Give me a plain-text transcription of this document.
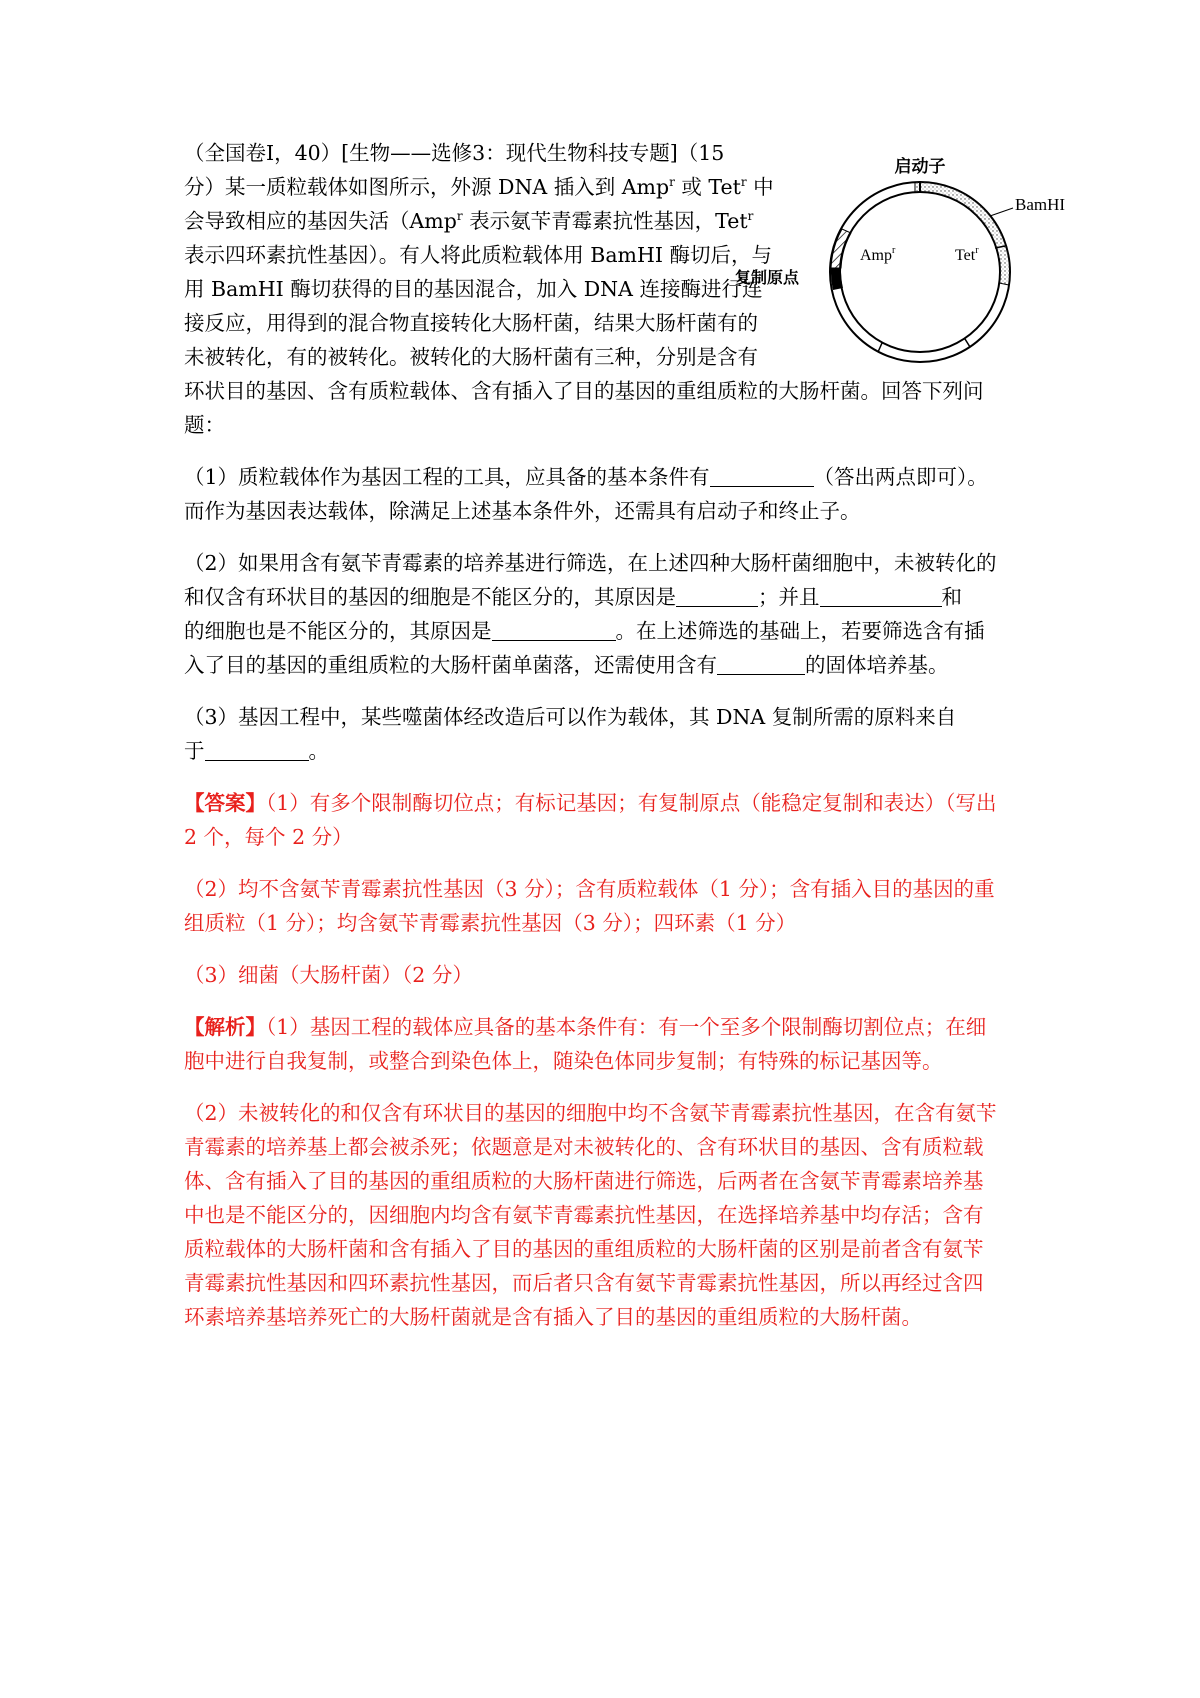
（全国卷Ⅰ，40）[生物——选修3：现代生物科技专题]（15
分）某一质粒载体如图所示，外源 DNA 插入到 Amp$^r$ 或 Tet$^r$ 中
会导致相应的基因失活（Amp$^r$ 表示氨苄青霉素抗性基因，Tet$^r$
表示四环素抗性基因）。有人将此质粒载体用 BamHI 酶切后，与
用 BamHI 酶切获得的目的基因混合，加入 DNA 连接酶进行连
接反应，用得到的混合物直接转化大肠杆菌，结果大肠杆菌有的
未被转化，有的被转化。被转化的大肠杆菌有三种，分别是含有
环状目的基因、含有质粒载体、含有插入了目的基因的重组质粒的大肠杆菌。回答下列问
题：
（1）质粒载体作为基因工程的工具，应具备的基本条件有	（答出两点即可）。
而作为基因表达载体，除满足上述基本条件外，还需具有启动子和终止子。
（2）如果用含有氨苄青霉素的培养基进行筛选，在上述四种大肠杆菌细胞中，未被转化的
和仅含有环状目的基因的细胞是不能区分的，其原因是	；并且	和
的细胞也是不能区分的，其原因是	。在上述筛选的基础上，若要筛选含有插
入了目的基因的重组质粒的大肠杆菌单菌落，还需使用含有	的固体培养基。
（3）基因工程中，某些噬菌体经改造后可以作为载体，其 DNA 复制所需的原料来自
于	。
【答案】（1）有多个限制酶切位点；有标记基因；有复制原点（能稳定复制和表达）（写出
2 个，每个 2 分）
（2）均不含氨苄青霉素抗性基因（3 分）；含有质粒载体（1 分）；含有插入目的基因的重
组质粒（1 分）；均含氨苄青霉素抗性基因（3 分）；四环素（1 分）
（3）细菌（大肠杆菌）（2 分）
【解析】（1）基因工程的载体应具备的基本条件有：有一个至多个限制酶切割位点；在细
胞中进行自我复制，或整合到染色体上，随染色体同步复制；有特殊的标记基因等。
（2）未被转化的和仅含有环状目的基因的细胞中均不含氨苄青霉素抗性基因，在含有氨苄
青霉素的培养基上都会被杀死；依题意是对未被转化的、含有环状目的基因、含有质粒载
体、含有插入了目的基因的重组质粒的大肠杆菌进行筛选，后两者在含氨苄青霉素培养基
中也是不能区分的，因细胞内均含有氨苄青霉素抗性基因，在选择培养基中均存活；含有
质粒载体的大肠杆菌和含有插入了目的基因的重组质粒的大肠杆菌的区别是前者含有氨苄
青霉素抗性基因和四环素抗性基因，而后者只含有氨苄青霉素抗性基因，所以再经过含四
环素培养基培养死亡的大肠杆菌就是含有插入了目的基因的重组质粒的大肠杆菌。
启动子
BamHI
Amp$^r$	Tet$^r$
复制原点
